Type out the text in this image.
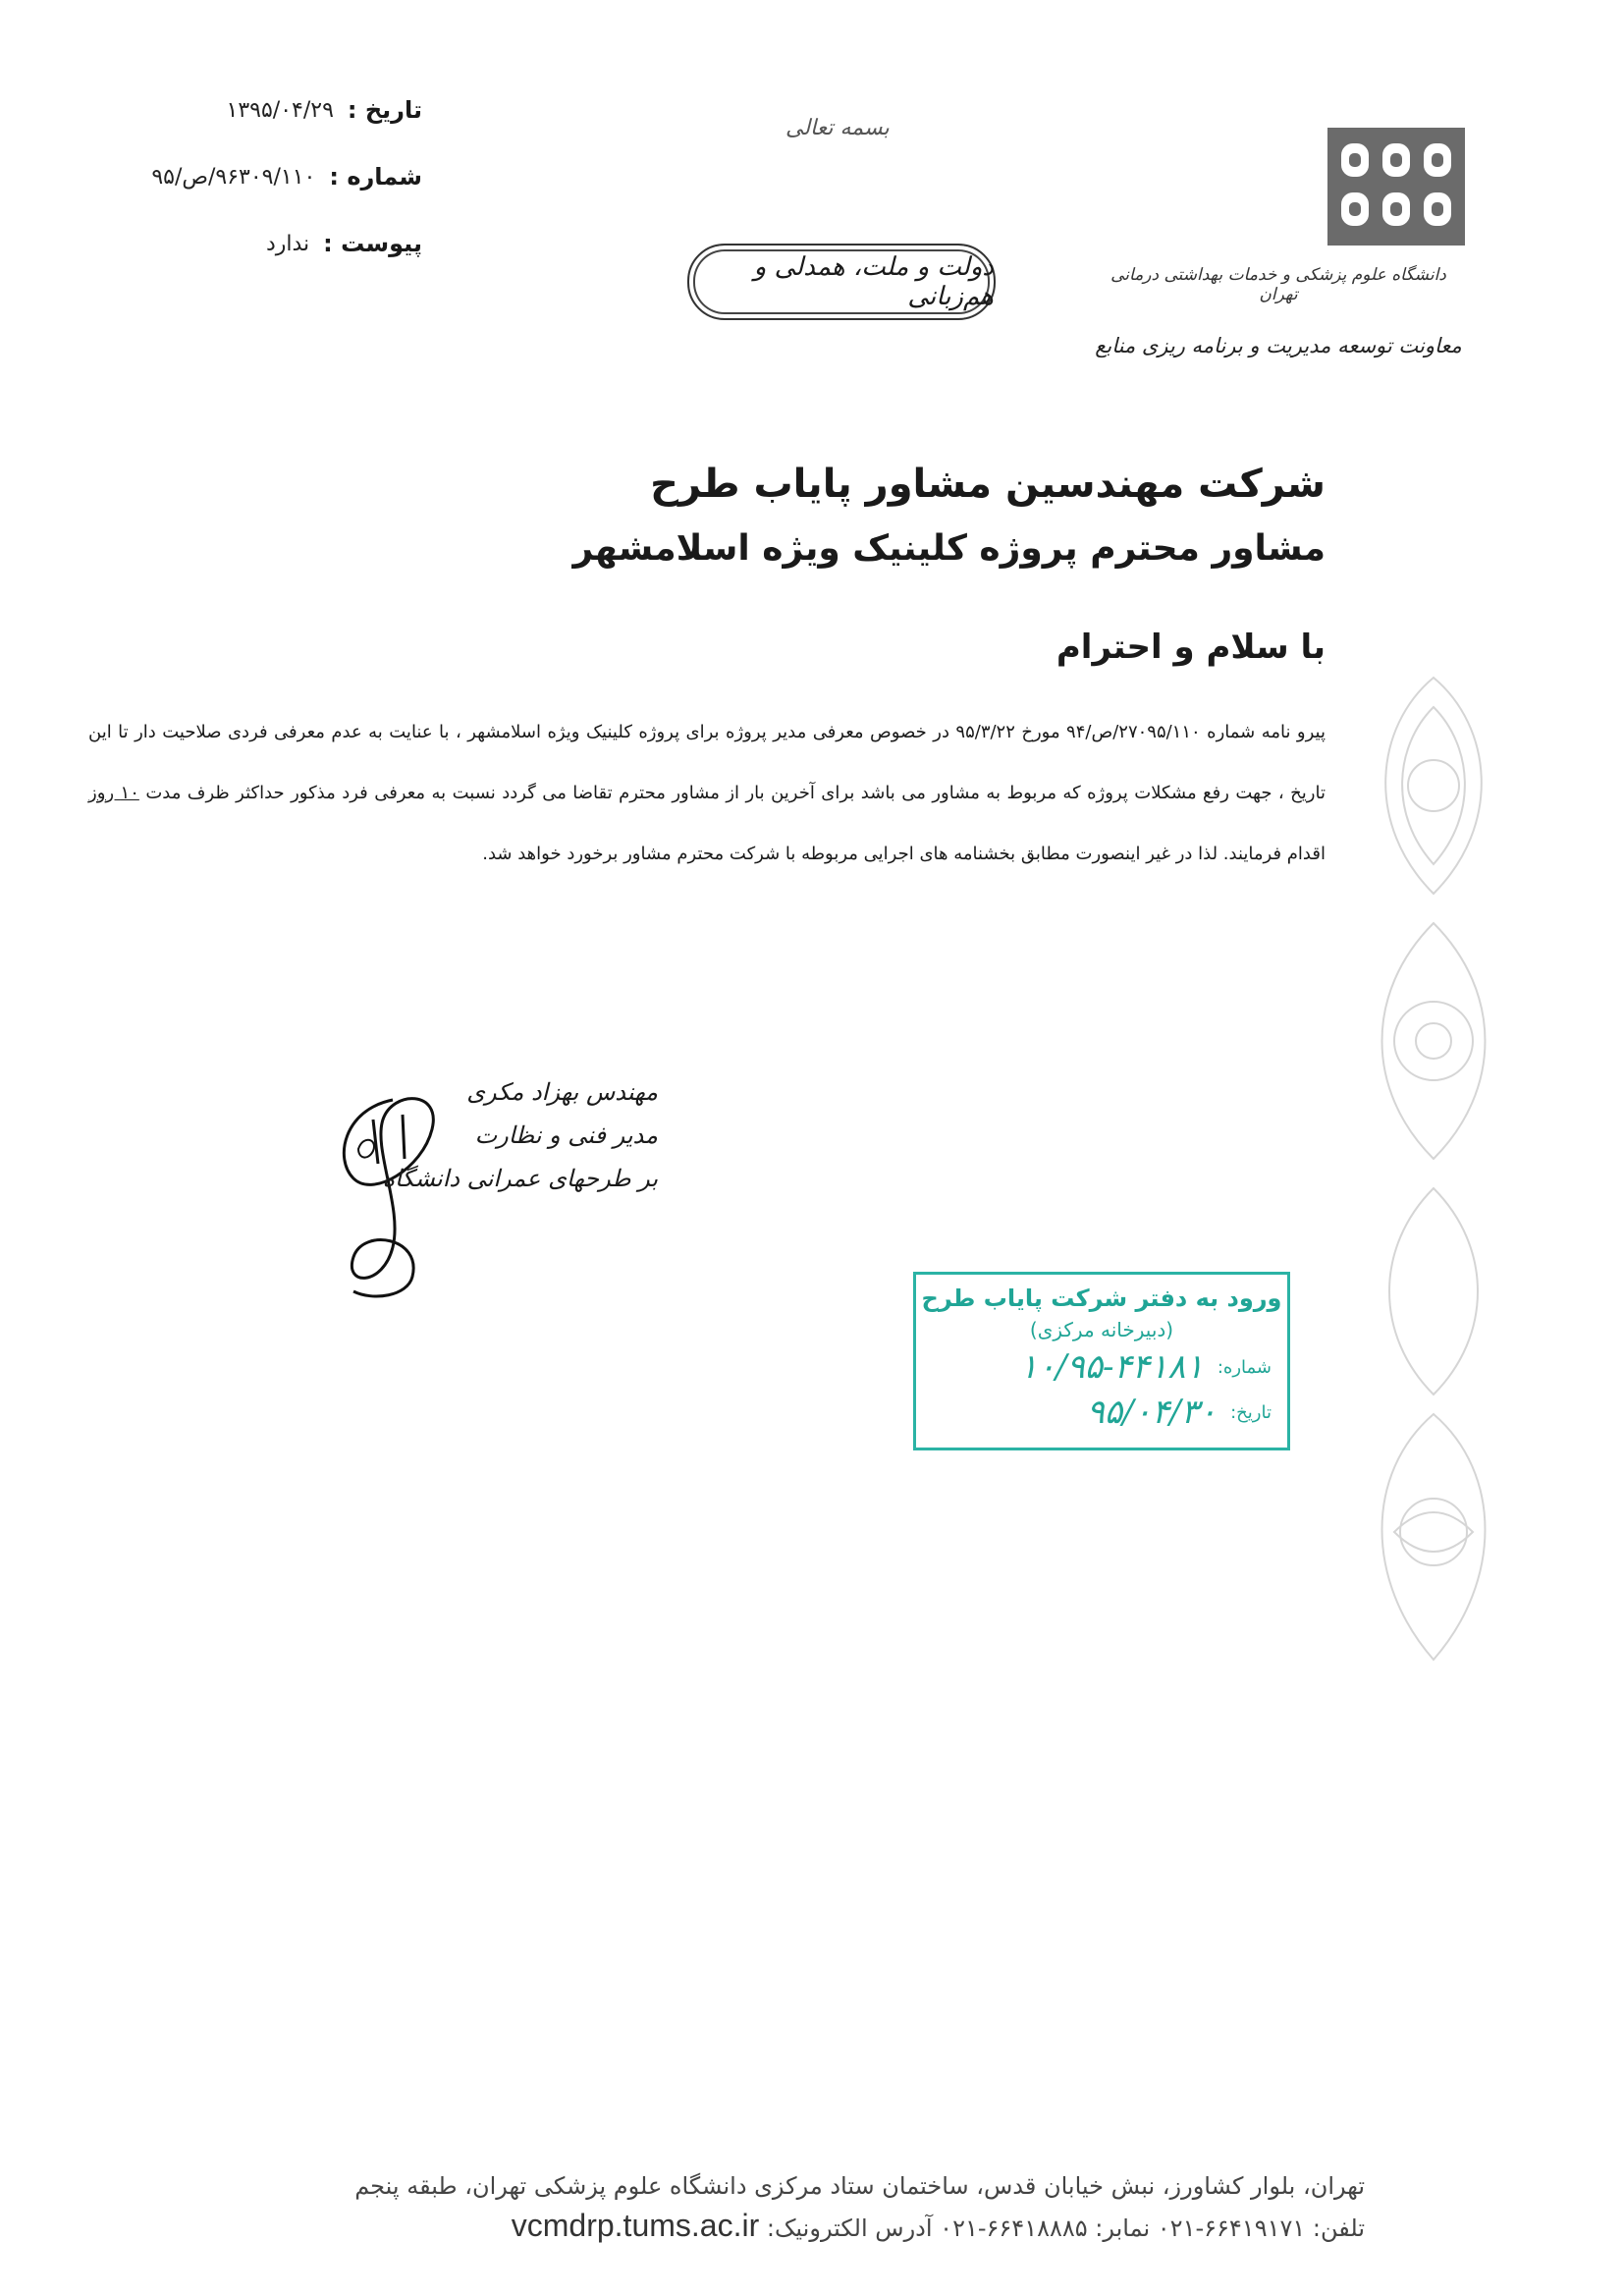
تاریخ :
۱۳۹۵/۰۴/۲۹
شماره :
۹۶۳۰۹/۱۱۰/ص/۹۵
پیوست :
ندارد
بسمه تعالی
دولت و ملت، همدلی و هم‌زبانی
دانشگاه علوم پزشکی و خدمات بهداشتی درمانی تهران
معاونت توسعه مدیریت و برنامه ریزی منابع
شرکت مهندسین مشاور پایاب طرح
مشاور محترم پروژه کلینیک ویژه اسلامشهر
با سلام و احترام
پیرو نامه شماره ۲۷۰۹۵/۱۱۰/ص/۹۴ مورخ ۹۵/۳/۲۲ در خصوص معرفی مدیر پروژه برای پروژه کلینیک ویژه اسلامشهر ، با عنایت به عدم معرفی فردی صلاحیت دار تا این تاریخ ، جهت رفع مشکلات پروژه که مربوط به مشاور می باشد برای آخرین بار از مشاور محترم تقاضا می گردد نسبت به معرفی فرد مذکور حداکثر ظرف مدت ۱۰ روز اقدام فرمایند. لذا در غیر اینصورت مطابق بخشنامه های اجرایی مربوطه با شرکت محترم مشاور برخورد خواهد شد.
مهندس بهزاد مکری
مدیر فنی و نظارت
بر طرحهای عمرانی دانشگاه
ورود به دفتر شرکت پایاب طرح
(دبیرخانه مرکزی)
شماره:
۱۰/۹۵-۴۴۱۸۱
تاریخ:
۹۵/۰۴/۳۰
تهران، بلوار کشاورز، نبش خیابان قدس، ساختمان ستاد مرکزی دانشگاه علوم پزشکی تهران، طبقه پنجم
تلفن: ۶۶۴۱۹۱۷۱-۰۲۱ نمابر: ۶۶۴۱۸۸۸۵-۰۲۱ آدرس الکترونیک: vcmdrp.tums.ac.ir
